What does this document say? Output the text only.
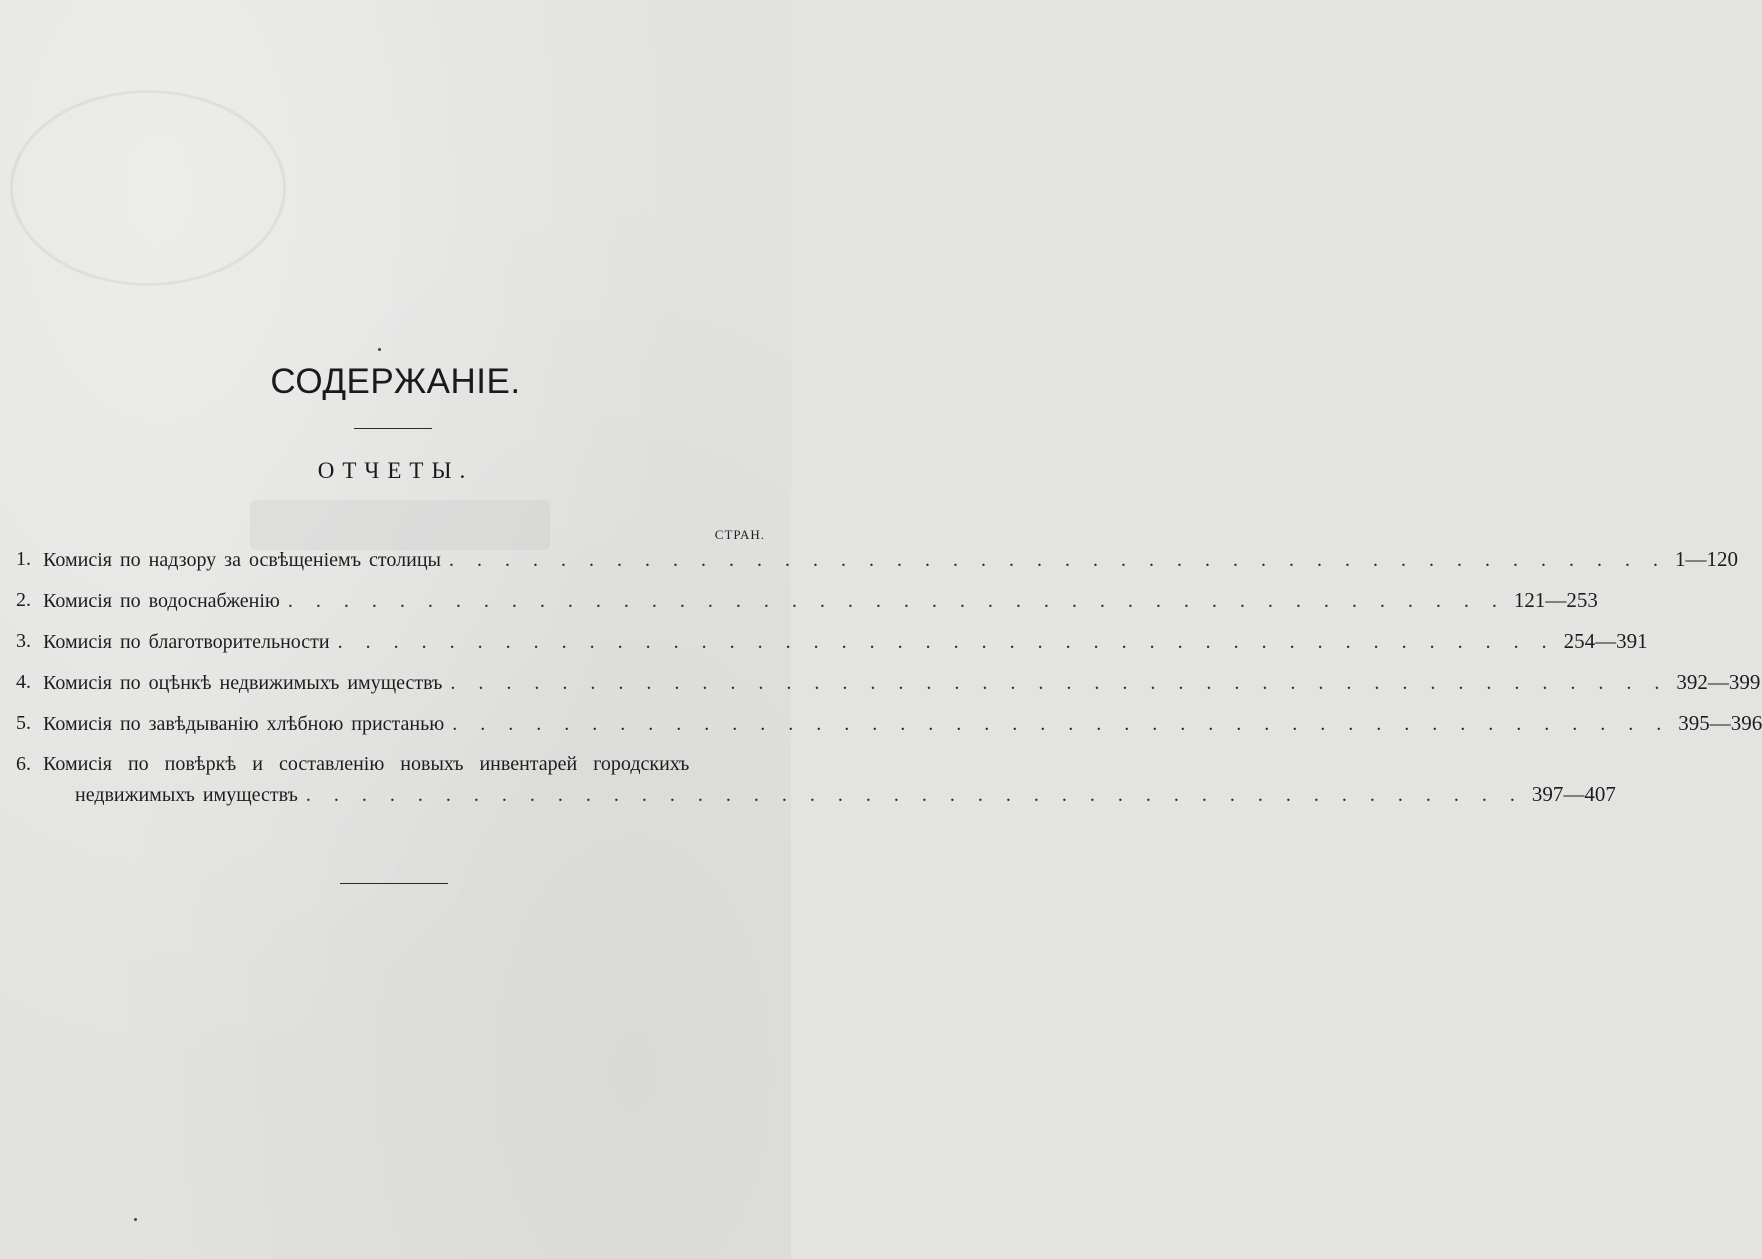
СОДЕРЖАНІЕ.
ОТЧЕТЫ.
СТРАН.
1. Комисія по надзору за освѣщеніемъ столицы . . . . . . . . . . . . . . . . . . . . . . . . . . . . . . . . . . . . . . . . . . . . 1—120
2. Комисія по водоснабженію . . . . . . . . . . . . . . . . . . . . . . . . . . . . . . . . . . . . . . . . . . . . 121—253
3. Комисія по благотворительности . . . . . . . . . . . . . . . . . . . . . . . . . . . . . . . . . . . . . . . . . . . . 254—391
4. Комисія по оцѣнкѣ недвижимыхъ имуществъ . . . . . . . . . . . . . . . . . . . . . . . . . . . . . . . . . . . . . . . . . . . . 392—399
5. Комисія по завѣдыванію хлѣбною пристанью . . . . . . . . . . . . . . . . . . . . . . . . . . . . . . . . . . . . . . . . . . . . 395—396
6. Комисія по повѣркѣ и составленію новыхъ инвентарей городскихъ
недвижимыхъ имуществъ . . . . . . . . . . . . . . . . . . . . . . . . . . . . . . . . . . . . . . . . . . . . 397—407
